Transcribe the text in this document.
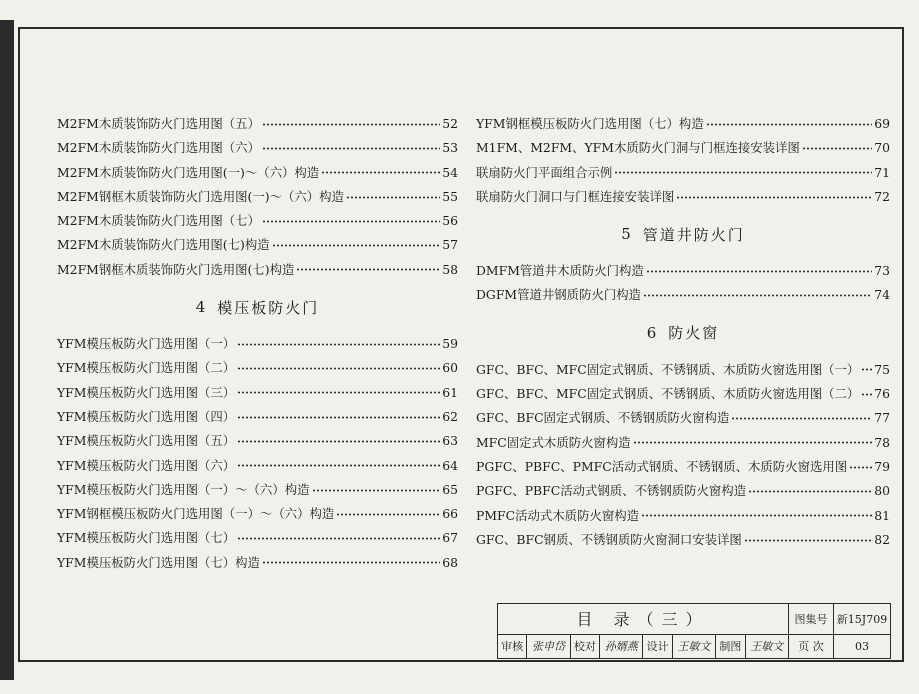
M2FM木质装饰防火门选用图（五）	52
M2FM木质装饰防火门选用图（六）	53
M2FM木质装饰防火门选用图(一)～（六）构造	54
M2FM钢框木质装饰防火门选用图(一)～（六）构造	55
M2FM木质装饰防火门选用图（七）	56
M2FM木质装饰防火门选用图(七)构造	57
M2FM钢框木质装饰防火门选用图(七)构造	58
4 模压板防火门
YFM模压板防火门选用图（一）	59
YFM模压板防火门选用图（二）	60
YFM模压板防火门选用图（三）	61
YFM模压板防火门选用图（四）	62
YFM模压板防火门选用图（五）	63
YFM模压板防火门选用图（六）	64
YFM模压板防火门选用图（一）～（六）构造	65
YFM钢框模压板防火门选用图（一）～（六）构造	66
YFM模压板防火门选用图（七）	67
YFM模压板防火门选用图（七）构造	68
YFM钢框模压板防火门选用图（七）构造	69
M1FM、M2FM、YFM木质防火门洞与门框连接安装详图	70
联扇防火门平面组合示例	71
联扇防火门洞口与门框连接安装详图	72
5 管道井防火门
DMFM管道井木质防火门构造	73
DGFM管道井钢质防火门构造	74
6 防火窗
GFC、BFC、MFC固定式钢质、不锈钢质、木质防火窗选用图（一） 75
GFC、BFC、MFC固定式钢质、不锈钢质、木质防火窗选用图（二） 76
GFC、BFC固定式钢质、不锈钢质防火窗构造	77
MFC固定式木质防火窗构造	78
PGFC、PBFC、PMFC活动式钢质、不锈钢质、木质防火窗选用图 79
PGFC、PBFC活动式钢质、不锈钢质防火窗构造	80
PMFC活动式木质防火窗构造	81
GFC、BFC钢质、不锈钢质防火窗洞口安装详图	82
目 录（三）								图集号	新15J709
审核	张申岱	校对	孙婿燕	设计	王敏文	制图	王敏文	页 次	03
